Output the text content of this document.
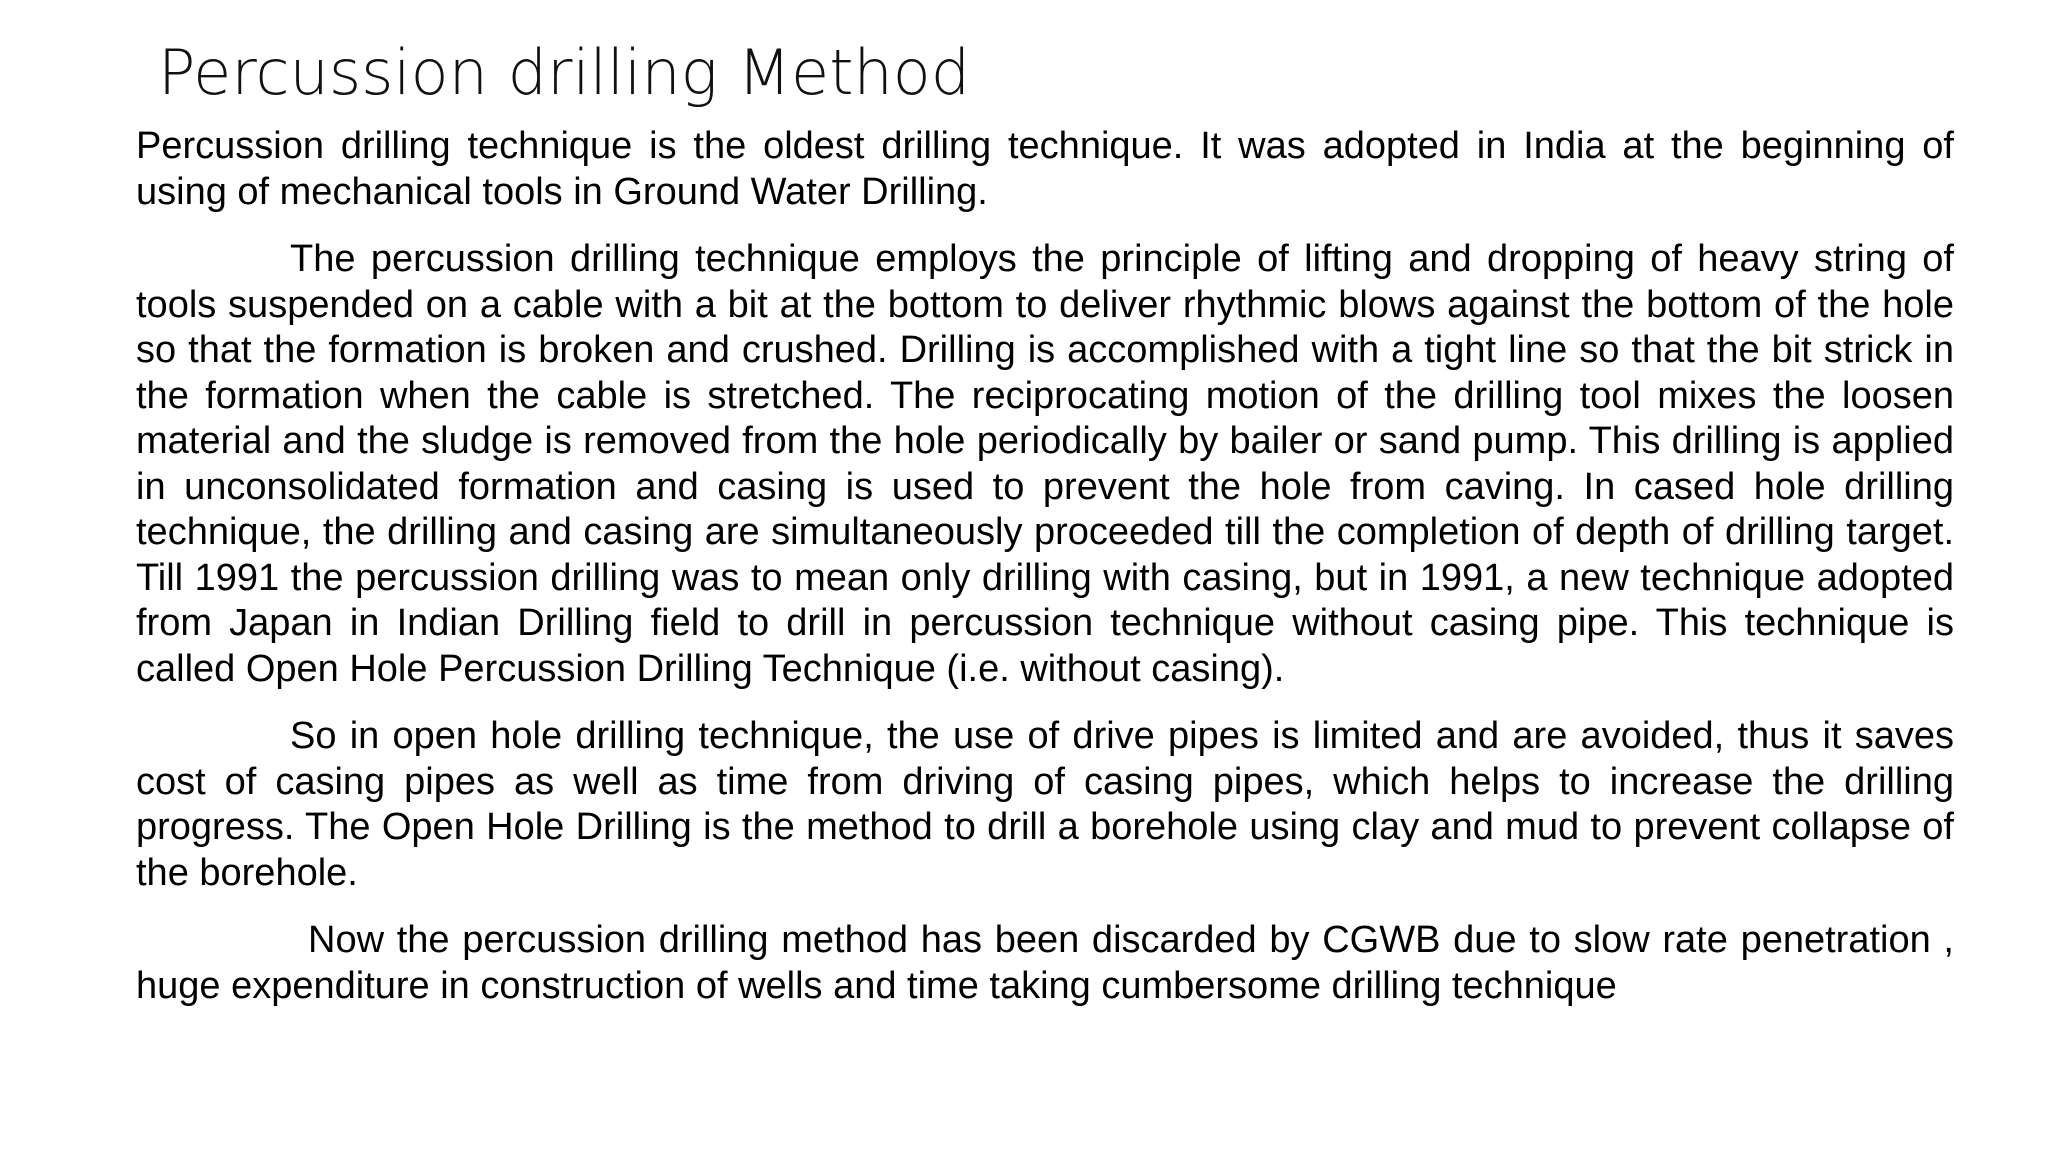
Percussion drilling Method

Percussion drilling technique is the oldest drilling technique. It was adopted in India at the beginning of using of mechanical tools in Ground Water Drilling.

The percussion drilling technique employs the principle of lifting and dropping of heavy string of tools suspended on a cable with a bit at the bottom to deliver rhythmic blows against the bottom of the hole so that the formation is broken and crushed. Drilling is accomplished with a tight line so that the bit strick in the formation when the cable is stretched. The reciprocating motion of the drilling tool mixes the loosen material and the sludge is removed from the hole periodically by bailer or sand pump. This drilling is applied in unconsolidated formation and casing is used to prevent the hole from caving. In cased hole drilling technique, the drilling and casing are simultaneously proceeded till the completion of depth of drilling target. Till 1991 the percussion drilling was to mean only drilling with casing, but in 1991, a new technique adopted from Japan in Indian Drilling field to drill in percussion technique without casing pipe. This technique is called Open Hole Percussion Drilling Technique (i.e. without casing).

So in open hole drilling technique, the use of drive pipes is limited and are avoided, thus it saves cost of casing pipes as well as time from driving of casing pipes, which helps to increase the drilling progress. The Open Hole Drilling is the method to drill a borehole using clay and mud to prevent collapse of the borehole.

Now the percussion drilling method has been discarded by CGWB due to slow rate penetration , huge expenditure in construction of wells and time taking cumbersome drilling technique
